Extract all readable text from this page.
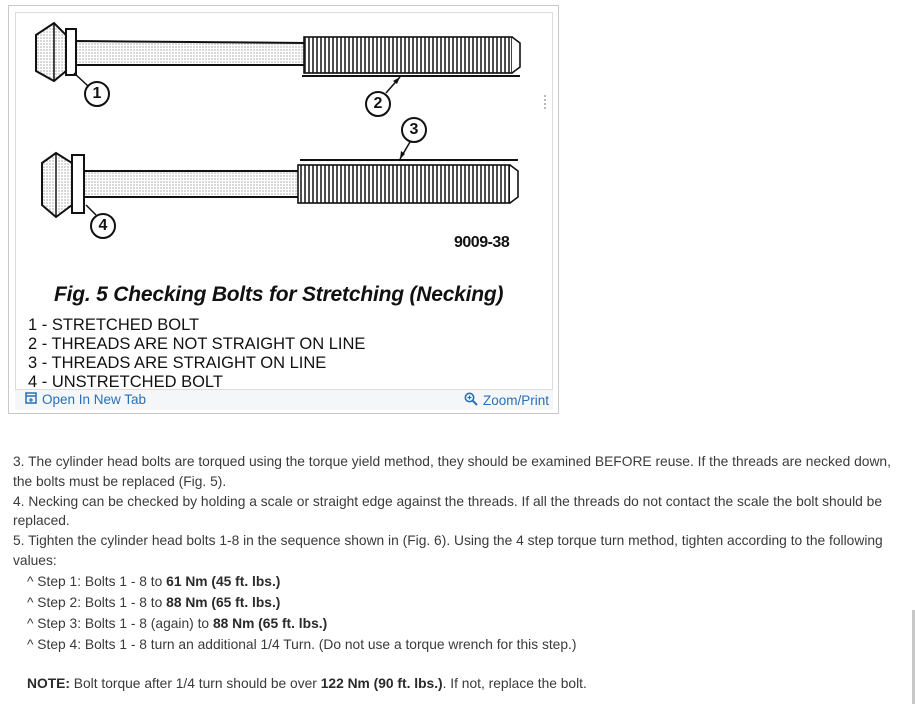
1
2
3
4
9009-38
Fig. 5 Checking Bolts for Stretching (Necking)
1 - STRETCHED BOLT
2 - THREADS ARE NOT STRAIGHT ON LINE
3 - THREADS ARE STRAIGHT ON LINE
4 - UNSTRETCHED BOLT
Open In New Tab	Zoom/Print

3. The cylinder head bolts are torqued using the torque yield method, they should be examined BEFORE reuse. If the threads are necked down, the bolts must be replaced (Fig. 5).

4. Necking can be checked by holding a scale or straight edge against the threads. If all the threads do not contact the scale the bolt should be replaced.

5. Tighten the cylinder head bolts 1-8 in the sequence shown in (Fig. 6). Using the 4 step torque turn method, tighten according to the following values:

^ Step 1: Bolts 1 - 8 to 61 Nm (45 ft. lbs.)

^ Step 2: Bolts 1 - 8 to 88 Nm (65 ft. lbs.)

^ Step 3: Bolts 1 - 8 (again) to 88 Nm (65 ft. lbs.)

^ Step 4: Bolts 1 - 8 turn an additional 1/4 Turn. (Do not use a torque wrench for this step.)

NOTE: Bolt torque after 1/4 turn should be over 122 Nm (90 ft. lbs.). If not, replace the bolt.
